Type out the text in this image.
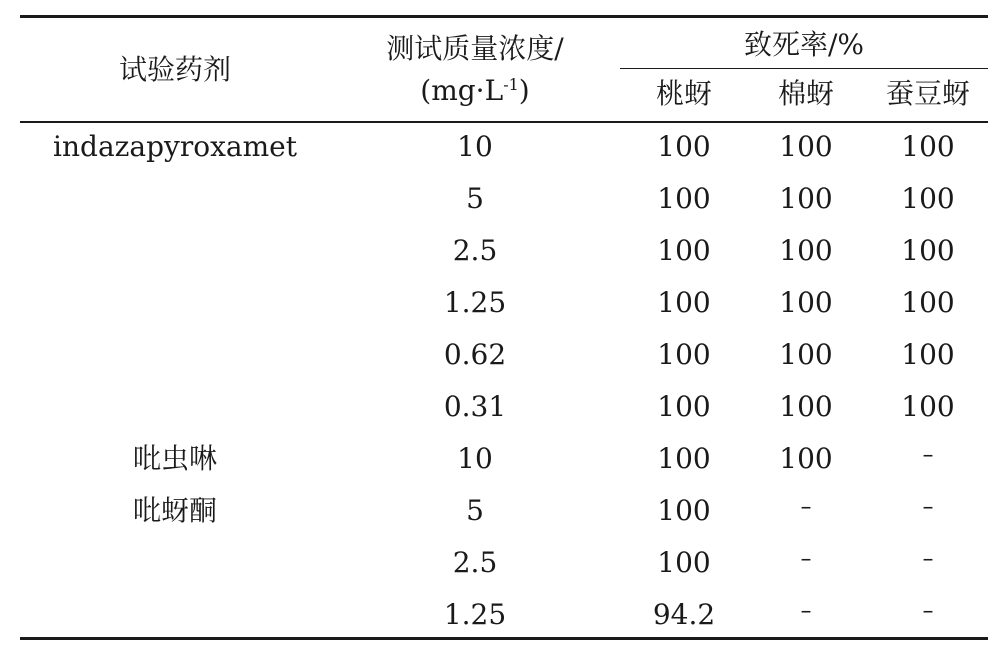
试验药剂
测试质量浓度/
$(mg\cdot L^{-1})$
致死率/%
桃蚜 棉蚜 蚕豆蚜
indazapyroxamet	10	100 100 100
5	100 100 100
2.5	100 100 100
1.25	100 100 100
0.62	100 100 100
0.31	100 100 100
吡虫啉	10	100 100	–
吡蚜酮	5	100	–	–
2.5	100	–	–
1.25	94.2	–	–
